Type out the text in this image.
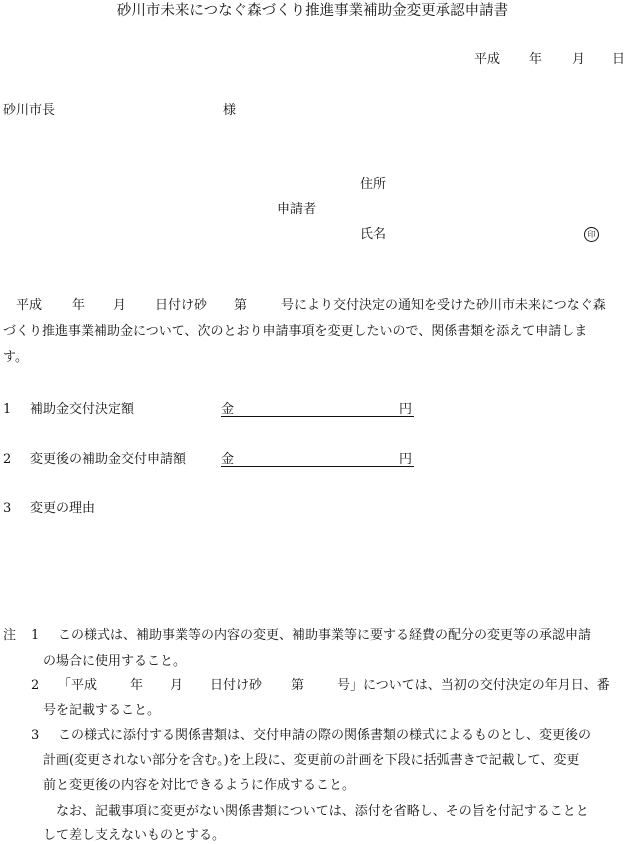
砂川市未来につなぐ森づくり推進事業補助金変更承認申請書
平成 年 月 日
砂川市長	様
住所
申請者
氏名	印
平成 年 月 日付け砂 第	号により交付決定の通知を受けた砂川市未来につなぐ森
づくり推進事業補助金について、次のとおり申請事項を変更したいので、関係書類を添えて申請しま
す。
1 補助金交付決定額	金	円
2 変更後の補助金交付申請額	金	円
3 変更の理由
注 1 この様式は、補助事業等の内容の変更、補助事業等に要する経費の配分の変更等の承認申請
の場合に使用すること。
2 「平成	年 月 日付け砂 第	号」については、当初の交付決定の年月日、番
号を記載すること。
3 この様式に添付する関係書類は、交付申請の際の関係書類の様式によるものとし、変更後の
計画(変更されない部分を含む。)を上段に、変更前の計画を下段に括弧書きで記載して、変更
前と変更後の内容を対比できるように作成すること。
なお、記載事項に変更がない関係書類については、添付を省略し、その旨を付記することと
して差し支えないものとする。
